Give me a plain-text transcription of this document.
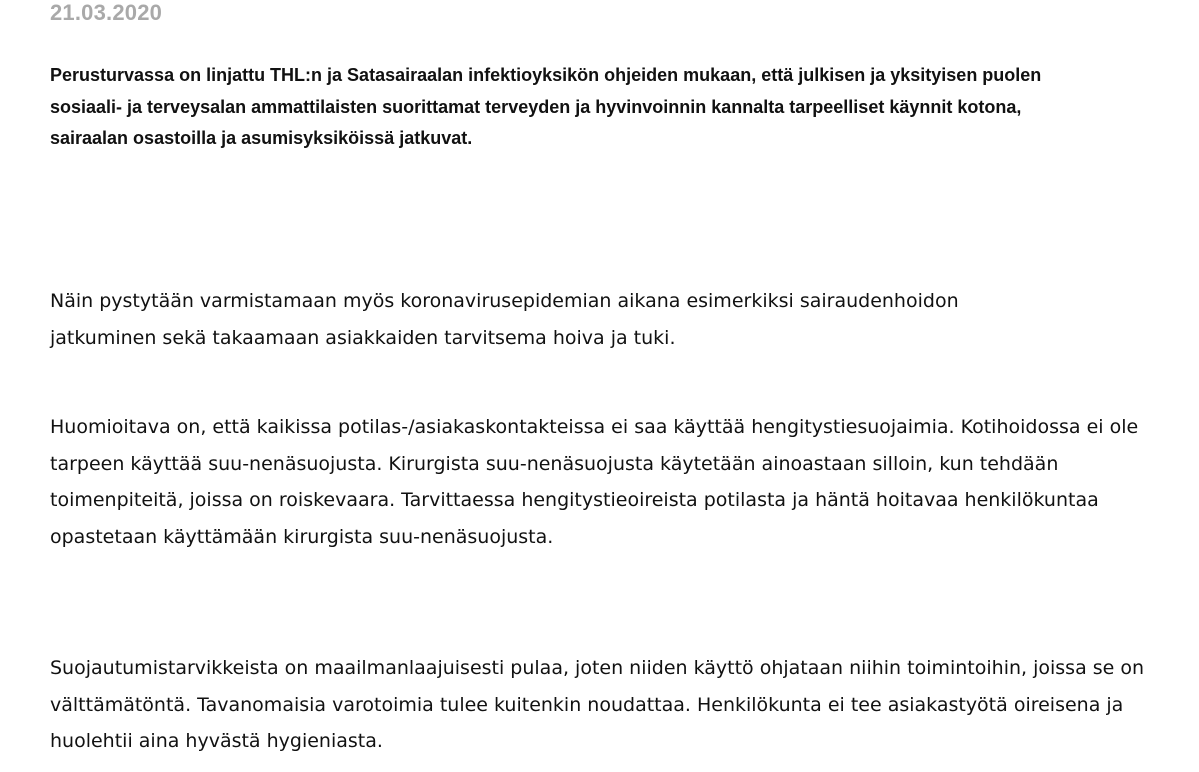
21.03.2020

Perusturvassa on linjattu THL:n ja Satasairaalan infektioyksikön ohjeiden mukaan, että julkisen ja yksityisen puolen sosiaali- ja terveysalan ammattilaisten suorittamat terveyden ja hyvinvoinnin kannalta tarpeelliset käynnit kotona, sairaalan osastoilla ja asumisyksiköissä jatkuvat.

Näin pystytään varmistamaan myös koronavirusepidemian aikana esimerkiksi sairaudenhoidon jatkuminen sekä takaamaan asiakkaiden tarvitsema hoiva ja tuki.

Huomioitava on, että kaikissa potilas-/asiakaskontakteissa ei saa käyttää hengitystiesuojaimia. Kotihoidossa ei ole tarpeen käyttää suu-nenäsuojusta. Kirurgista suu-nenäsuojusta käytetään ainoastaan silloin, kun tehdään toimenpiteitä, joissa on roiskevaara. Tarvittaessa hengitystieoireista potilasta ja häntä hoitavaa henkilökuntaa opastetaan käyttämään kirurgista suu-nenäsuojusta.

Suojautumistarvikkeista on maailmanlaajuisesti pulaa, joten niiden käyttö ohjataan niihin toimintoihin, joissa se on välttämätöntä. Tavanomaisia varotoimia tulee kuitenkin noudattaa. Henkilökunta ei tee asiakastyötä oireisena ja huolehtii aina hyvästä hygieniasta.
